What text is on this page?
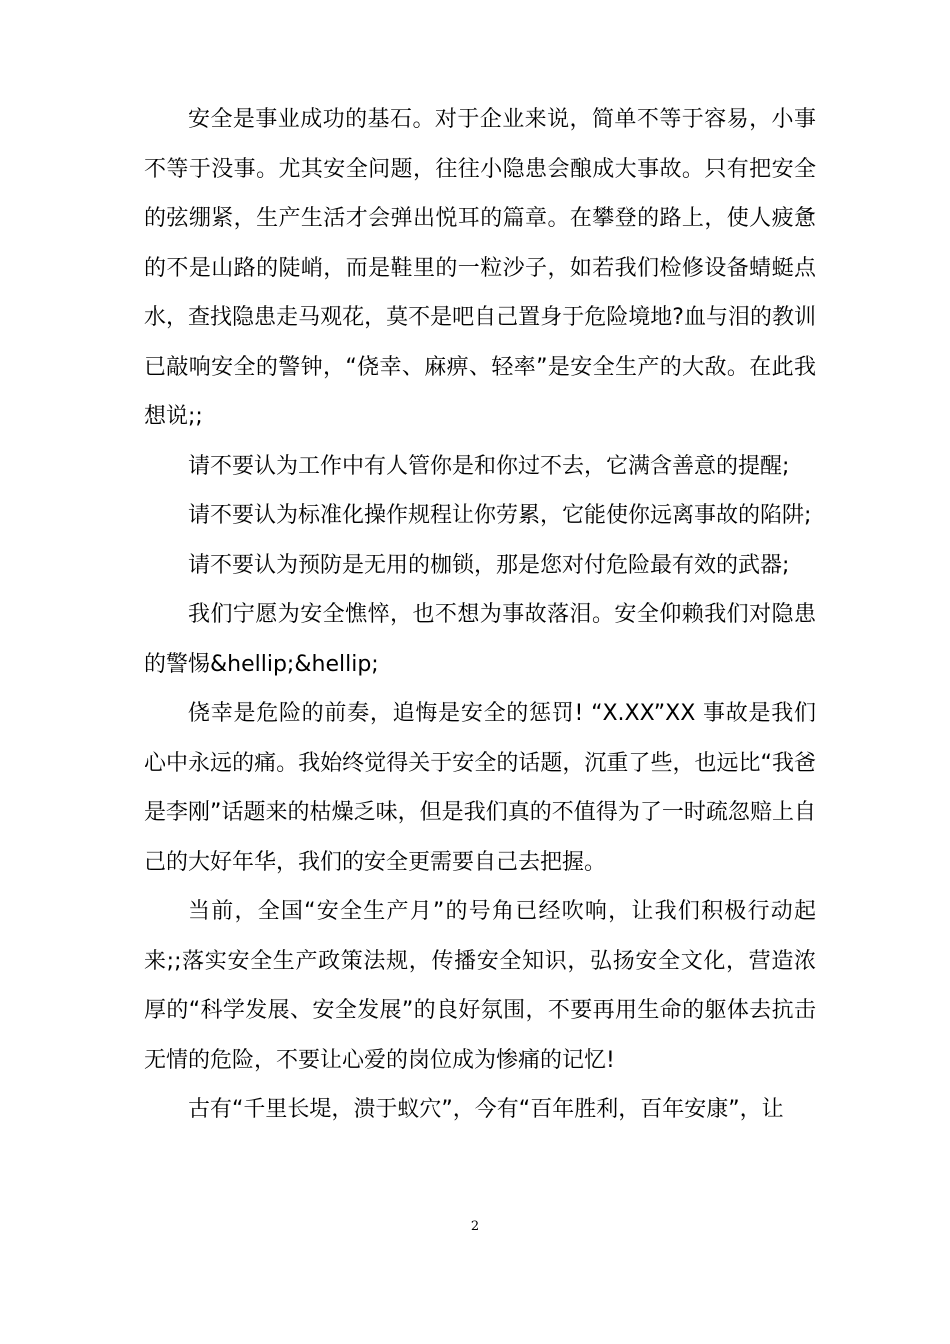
安全是事业成功的基石。对于企业来说，简单不等于容易，小事不等于没事。尤其安全问题，往往小隐患会酿成大事故。只有把安全的弦绷紧，生产生活才会弹出悦耳的篇章。在攀登的路上，使人疲惫的不是山路的陡峭，而是鞋里的一粒沙子，如若我们检修设备蜻蜓点水，查找隐患走马观花，莫不是吧自己置身于危险境地?血与泪的教训已敲响安全的警钟，“侥幸、麻痹、轻率”是安全生产的大敌。在此我想说;;

请不要认为工作中有人管你是和你过不去，它满含善意的提醒;

请不要认为标准化操作规程让你劳累，它能使你远离事故的陷阱;

请不要认为预防是无用的枷锁，那是您对付危险最有效的武器;

我们宁愿为安全憔悴，也不想为事故落泪。安全仰赖我们对隐患的警惕&hellip;&hellip;

侥幸是危险的前奏，追悔是安全的惩罚! “X.XX”XX 事故是我们心中永远的痛。我始终觉得关于安全的话题，沉重了些，也远比“我爸是李刚”话题来的枯燥乏味，但是我们真的不值得为了一时疏忽赔上自己的大好年华，我们的安全更需要自己去把握。

当前，全国“安全生产月”的号角已经吹响，让我们积极行动起来;;落实安全生产政策法规，传播安全知识，弘扬安全文化，营造浓厚的“科学发展、安全发展”的良好氛围，不要再用生命的躯体去抗击无情的危险，不要让心爱的岗位成为惨痛的记忆!

古有“千里长堤，溃于蚁穴”，今有“百年胜利，百年安康”，让

2
